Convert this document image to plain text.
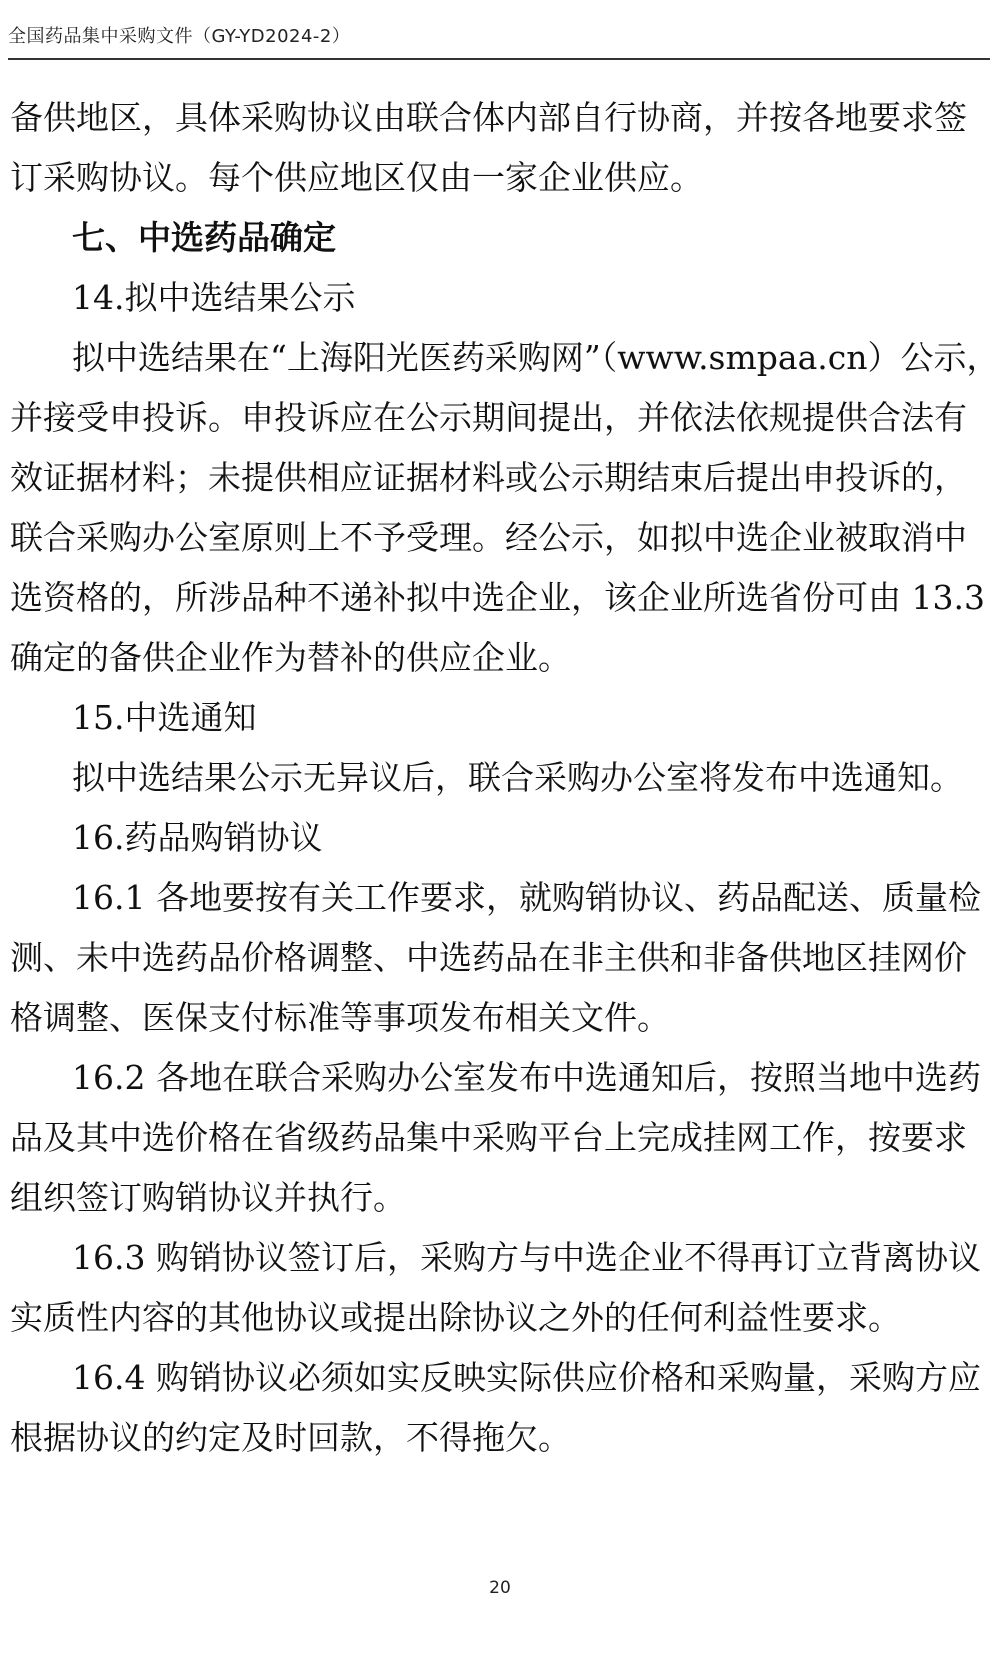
全国药品集中采购文件（GY-YD2024-2）
备供地区，具体采购协议由联合体内部自行协商，并按各地要求签
订采购协议。每个供应地区仅由一家企业供应。
七、中选药品确定
14.拟中选结果公示
拟中选结果在“上海阳光医药采购网”（www.smpaa.cn）公示，
并接受申投诉。申投诉应在公示期间提出，并依法依规提供合法有
效证据材料；未提供相应证据材料或公示期结束后提出申投诉的，
联合采购办公室原则上不予受理。经公示，如拟中选企业被取消中
选资格的，所涉品种不递补拟中选企业，该企业所选省份可由 13.3
确定的备供企业作为替补的供应企业。
15.中选通知
拟中选结果公示无异议后，联合采购办公室将发布中选通知。
16.药品购销协议
16.1 各地要按有关工作要求，就购销协议、药品配送、质量检
测、未中选药品价格调整、中选药品在非主供和非备供地区挂网价
格调整、医保支付标准等事项发布相关文件。
16.2 各地在联合采购办公室发布中选通知后，按照当地中选药
品及其中选价格在省级药品集中采购平台上完成挂网工作，按要求
组织签订购销协议并执行。
16.3 购销协议签订后，采购方与中选企业不得再订立背离协议
实质性内容的其他协议或提出除协议之外的任何利益性要求。
16.4 购销协议必须如实反映实际供应价格和采购量，采购方应
根据协议的约定及时回款，不得拖欠。
20
